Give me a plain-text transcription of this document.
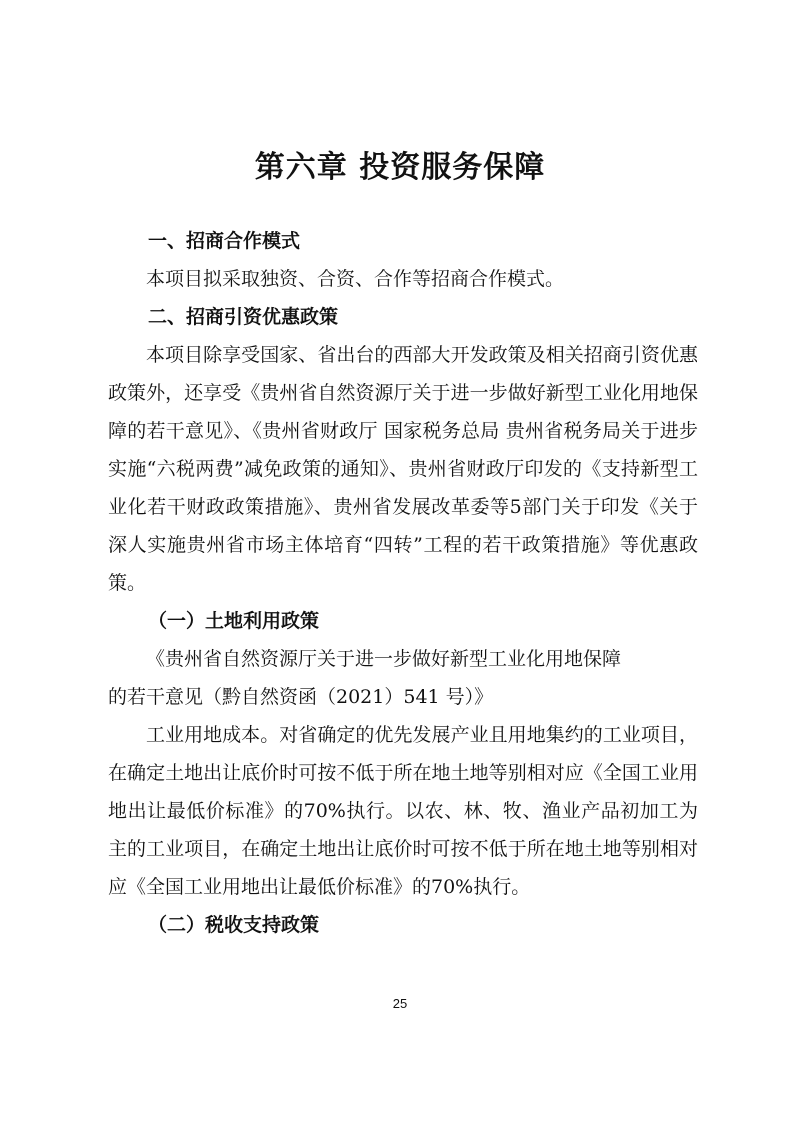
第六章 投资服务保障
一、招商合作模式

本项目拟采取独资、合资、合作等招商合作模式。

二、招商引资优惠政策

本项目除享受国家、省出台的西部大开发政策及相关招商引资优惠政策外，还享受《贵州省自然资源厅关于进一步做好新型工业化用地保障的若干意见》、《贵州省财政厅 国家税务总局 贵州省税务局关于进步实施“六税两费”减免政策的通知》、贵州省财政厅印发的《支持新型工业化若干财政政策措施》、贵州省发展改革委等5部门关于印发《关于深人实施贵州省市场主体培育“四转”工程的若干政策措施》等优惠政策。

（一）土地利用政策

《贵州省自然资源厅关于进一步做好新型工业化用地保障

的若干意见（黔自然资函（2021）541 号）》

工业用地成本。对省确定的优先发展产业且用地集约的工业项目，在确定土地出让底价时可按不低于所在地土地等别相对应《全国工业用地出让最低价标准》的70%执行。以农、林、牧、渔业产品初加工为主的工业项目，在确定土地出让底价时可按不低于所在地土地等别相对应《全国工业用地出让最低价标准》的70%执行。

（二）税收支持政策
25
